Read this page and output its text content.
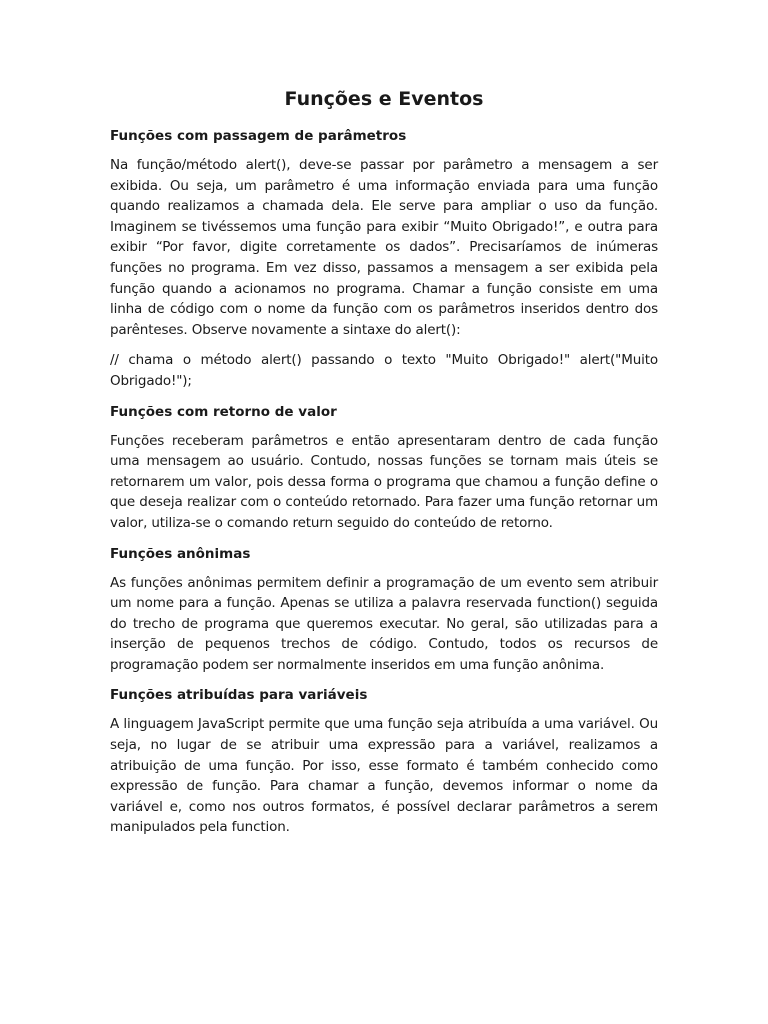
Funções e Eventos
Funções com passagem de parâmetros

Na função/método alert(), deve-se passar por parâmetro a mensagem a ser exibida. Ou seja, um parâmetro é uma informação enviada para uma função quando realizamos a chamada dela. Ele serve para ampliar o uso da função. Imaginem se tivéssemos uma função para exibir “Muito Obrigado!”, e outra para exibir “Por favor, digite corretamente os dados”. Precisaríamos de inúmeras funções no programa. Em vez disso, passamos a mensagem a ser exibida pela função quando a acionamos no programa. Chamar a função consiste em uma linha de código com o nome da função com os parâmetros inseridos dentro dos parênteses. Observe novamente a sintaxe do alert():

// chama o método alert() passando o texto "Muito Obrigado!" alert("Muito Obrigado!");

Funções com retorno de valor

Funções receberam parâmetros e então apresentaram dentro de cada função uma mensagem ao usuário. Contudo, nossas funções se tornam mais úteis se retornarem um valor, pois dessa forma o programa que chamou a função define o que deseja realizar com o conteúdo retornado. Para fazer uma função retornar um valor, utiliza-se o comando return seguido do conteúdo de retorno.

Funções anônimas

As funções anônimas permitem definir a programação de um evento sem atribuir um nome para a função. Apenas se utiliza a palavra reservada function() seguida do trecho de programa que queremos executar. No geral, são utilizadas para a inserção de pequenos trechos de código. Contudo, todos os recursos de programação podem ser normalmente inseridos em uma função anônima.

Funções atribuídas para variáveis

A linguagem JavaScript permite que uma função seja atribuída a uma variável. Ou seja, no lugar de se atribuir uma expressão para a variável, realizamos a atribuição de uma função. Por isso, esse formato é também conhecido como expressão de função. Para chamar a função, devemos informar o nome da variável e, como nos outros formatos, é possível declarar parâmetros a serem manipulados pela function.
